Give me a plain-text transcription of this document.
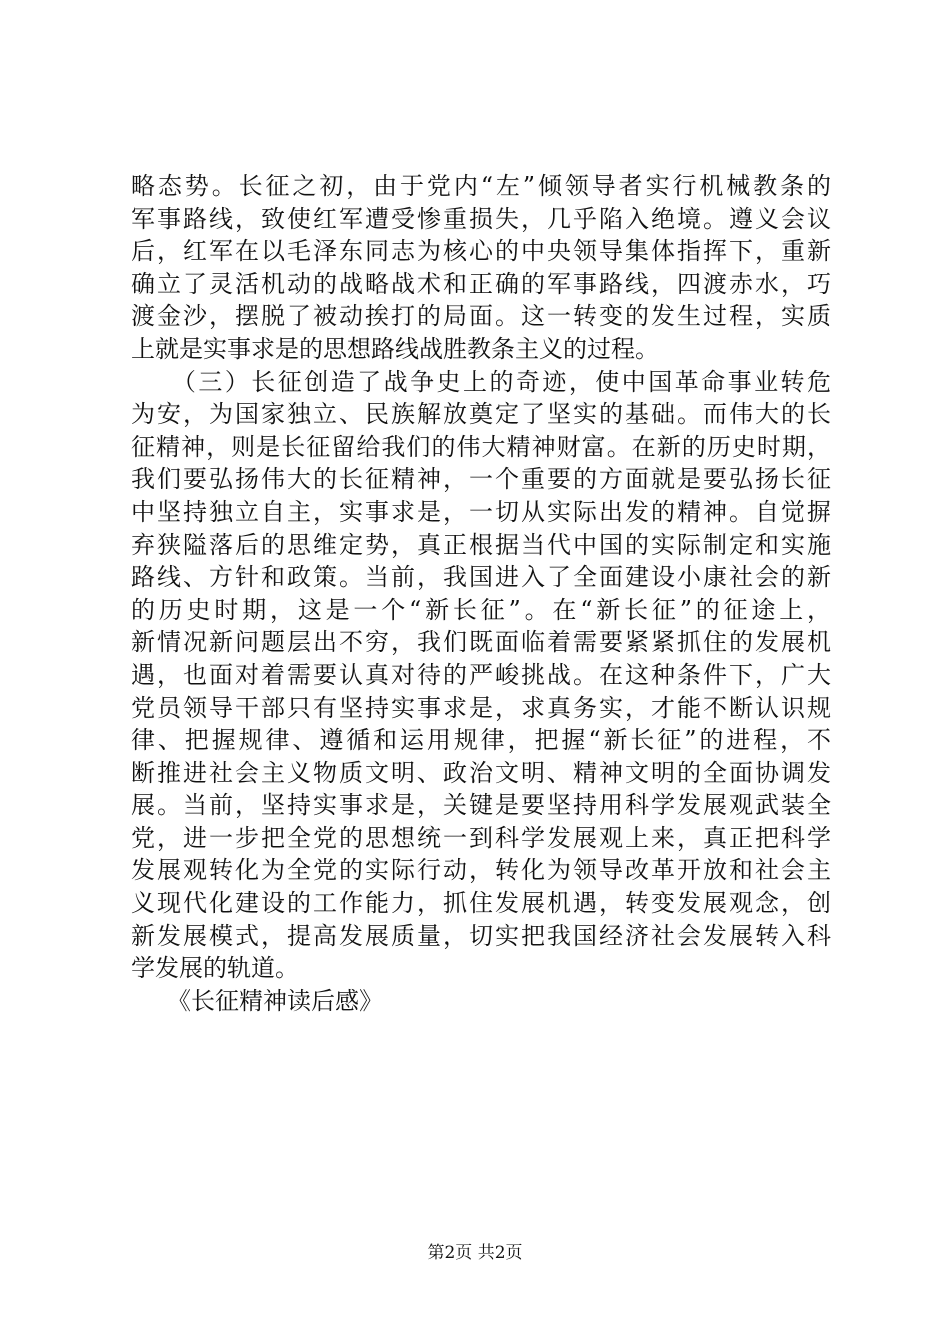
略态势。长征之初，由于党内“左”倾领导者实行机械教条的
军事路线，致使红军遭受惨重损失，几乎陷入绝境。遵义会议
后，红军在以毛泽东同志为核心的中央领导集体指挥下，重新
确立了灵活机动的战略战术和正确的军事路线，四渡赤水，巧
渡金沙，摆脱了被动挨打的局面。这一转变的发生过程，实质
上就是实事求是的思想路线战胜教条主义的过程。
　　（三）长征创造了战争史上的奇迹，使中国革命事业转危
为安，为国家独立、民族解放奠定了坚实的基础。而伟大的长
征精神，则是长征留给我们的伟大精神财富。在新的历史时期，
我们要弘扬伟大的长征精神，一个重要的方面就是要弘扬长征
中坚持独立自主，实事求是，一切从实际出发的精神。自觉摒
弃狭隘落后的思维定势，真正根据当代中国的实际制定和实施
路线、方针和政策。当前，我国进入了全面建设小康社会的新
的历史时期，这是一个“新长征”。在“新长征”的征途上，
新情况新问题层出不穷，我们既面临着需要紧紧抓住的发展机
遇，也面对着需要认真对待的严峻挑战。在这种条件下，广大
党员领导干部只有坚持实事求是，求真务实，才能不断认识规
律、把握规律、遵循和运用规律，把握“新长征”的进程，不
断推进社会主义物质文明、政治文明、精神文明的全面协调发
展。当前，坚持实事求是，关键是要坚持用科学发展观武装全
党，进一步把全党的思想统一到科学发展观上来，真正把科学
发展观转化为全党的实际行动，转化为领导改革开放和社会主
义现代化建设的工作能力，抓住发展机遇，转变发展观念，创
新发展模式，提高发展质量，切实把我国经济社会发展转入科
学发展的轨道。
　　《长征精神读后感》
第2页 共2页
